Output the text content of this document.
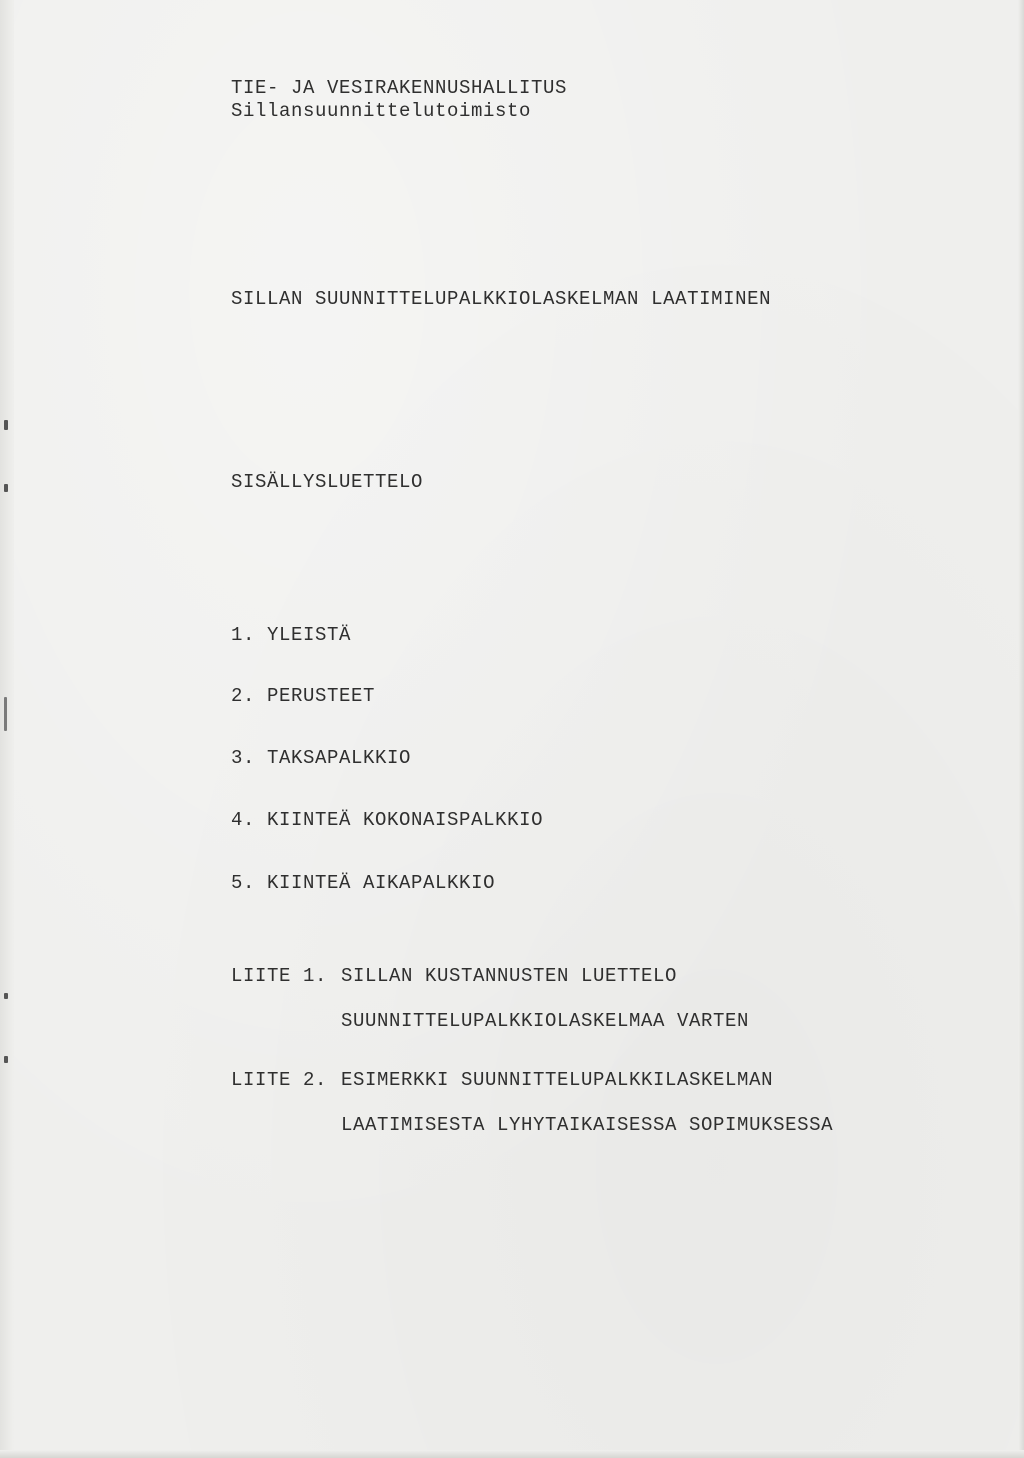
TIE- JA VESIRAKENNUSHALLITUS
Sillansuunnittelutoimisto
SILLAN SUUNNITTELUPALKKIOLASKELMAN LAATIMINEN
SISÄLLYSLUETTELO
1. YLEISTÄ
2. PERUSTEET
3. TAKSAPALKKIO
4. KIINTEÄ KOKONAISPALKKIO
5. KIINTEÄ AIKAPALKKIO
LIITE 1. SILLAN KUSTANNUSTEN LUETTELO
SUUNNITTELUPALKKIOLASKELMAA VARTEN
LIITE 2. ESIMERKKI SUUNNITTELUPALKKILASKELMAN
LAATIMISESTA LYHYTAIKAISESSA SOPIMUKSESSA
